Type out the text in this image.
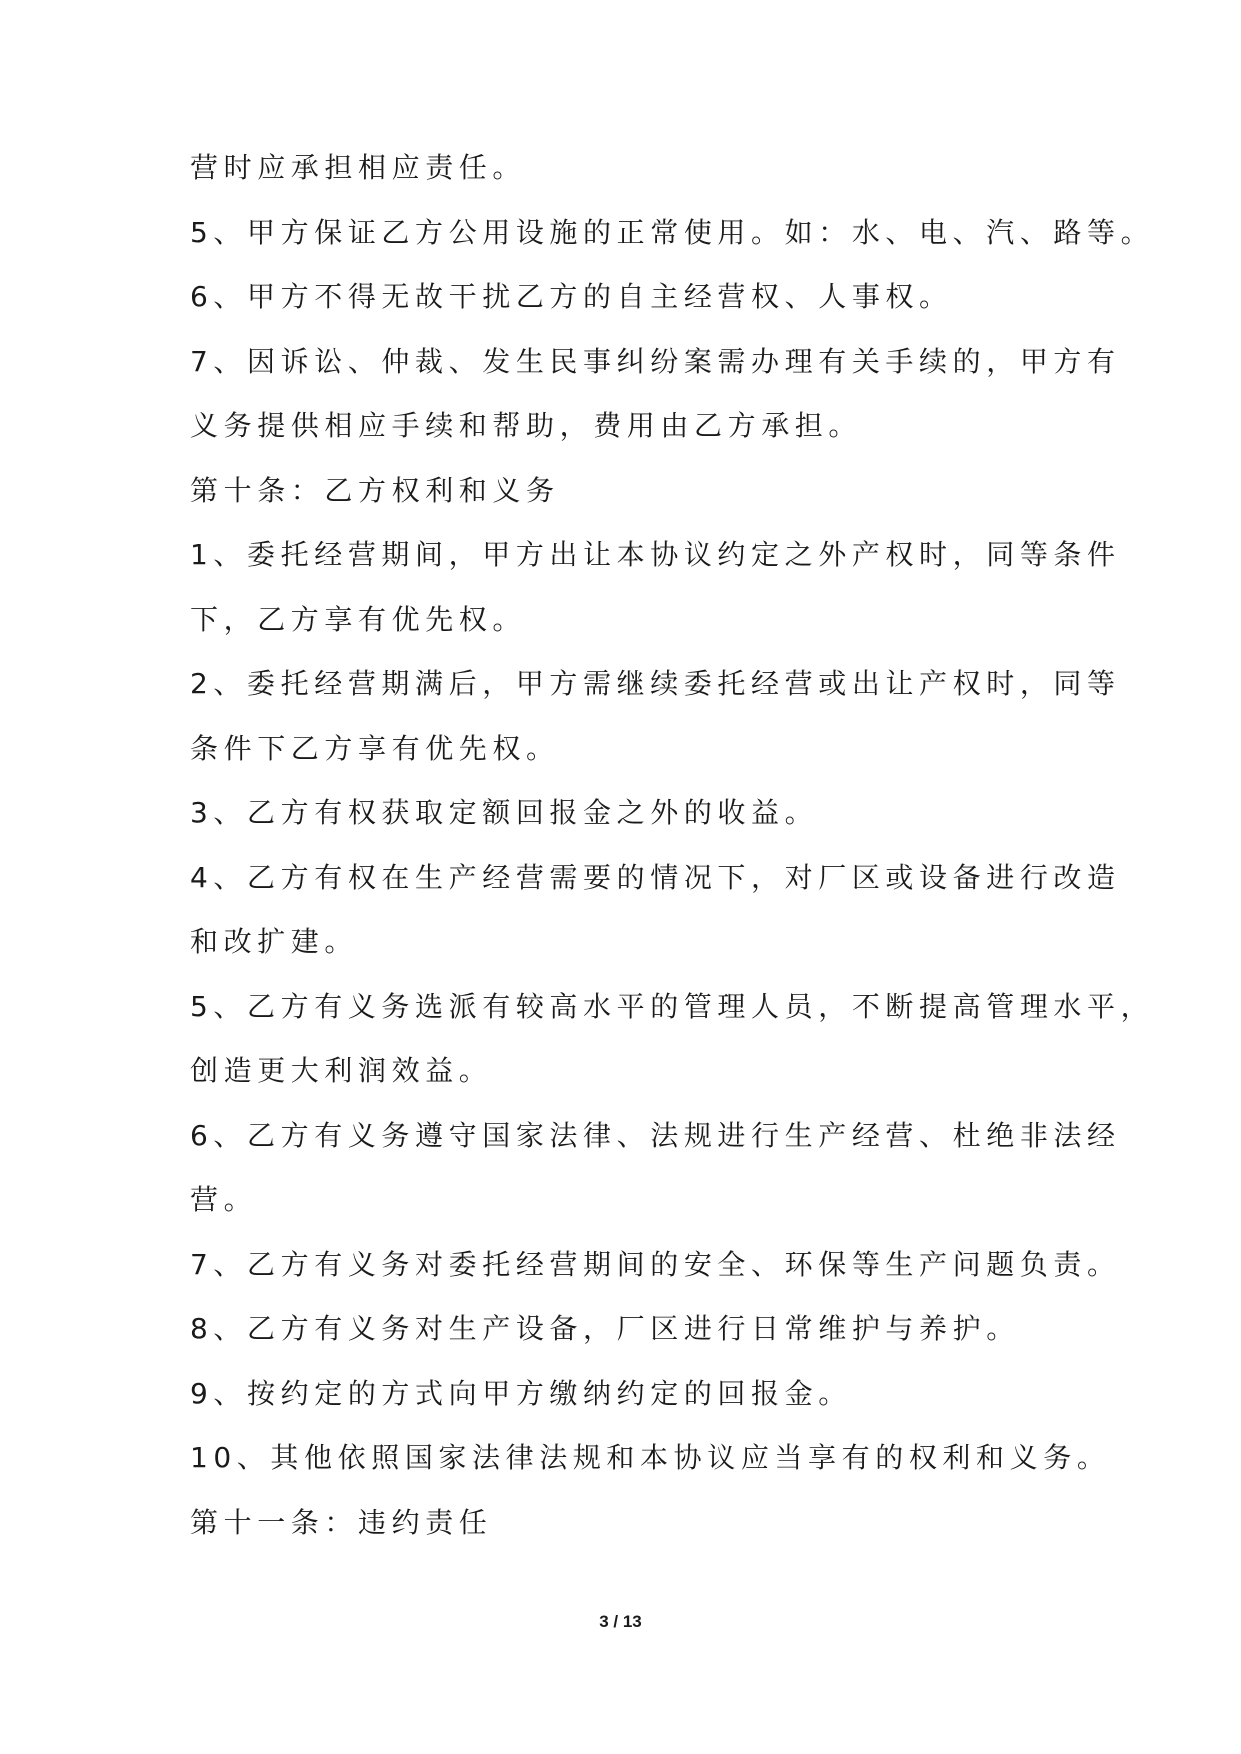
营时应承担相应责任。
5、甲方保证乙方公用设施的正常使用。如：水、电、汽、路等。
6、甲方不得无故干扰乙方的自主经营权、人事权。
7、因诉讼、仲裁、发生民事纠纷案需办理有关手续的，甲方有
义务提供相应手续和帮助，费用由乙方承担。
第十条：乙方权利和义务
1、委托经营期间，甲方出让本协议约定之外产权时，同等条件
下，乙方享有优先权。
2、委托经营期满后，甲方需继续委托经营或出让产权时，同等
条件下乙方享有优先权。
3、乙方有权获取定额回报金之外的收益。
4、乙方有权在生产经营需要的情况下，对厂区或设备进行改造
和改扩建。
5、乙方有义务选派有较高水平的管理人员，不断提高管理水平，
创造更大利润效益。
6、乙方有义务遵守国家法律、法规进行生产经营、杜绝非法经
营。
7、乙方有义务对委托经营期间的安全、环保等生产问题负责。
8、乙方有义务对生产设备，厂区进行日常维护与养护。
9、按约定的方式向甲方缴纳约定的回报金。
10、其他依照国家法律法规和本协议应当享有的权利和义务。
第十一条：违约责任
3 / 13
